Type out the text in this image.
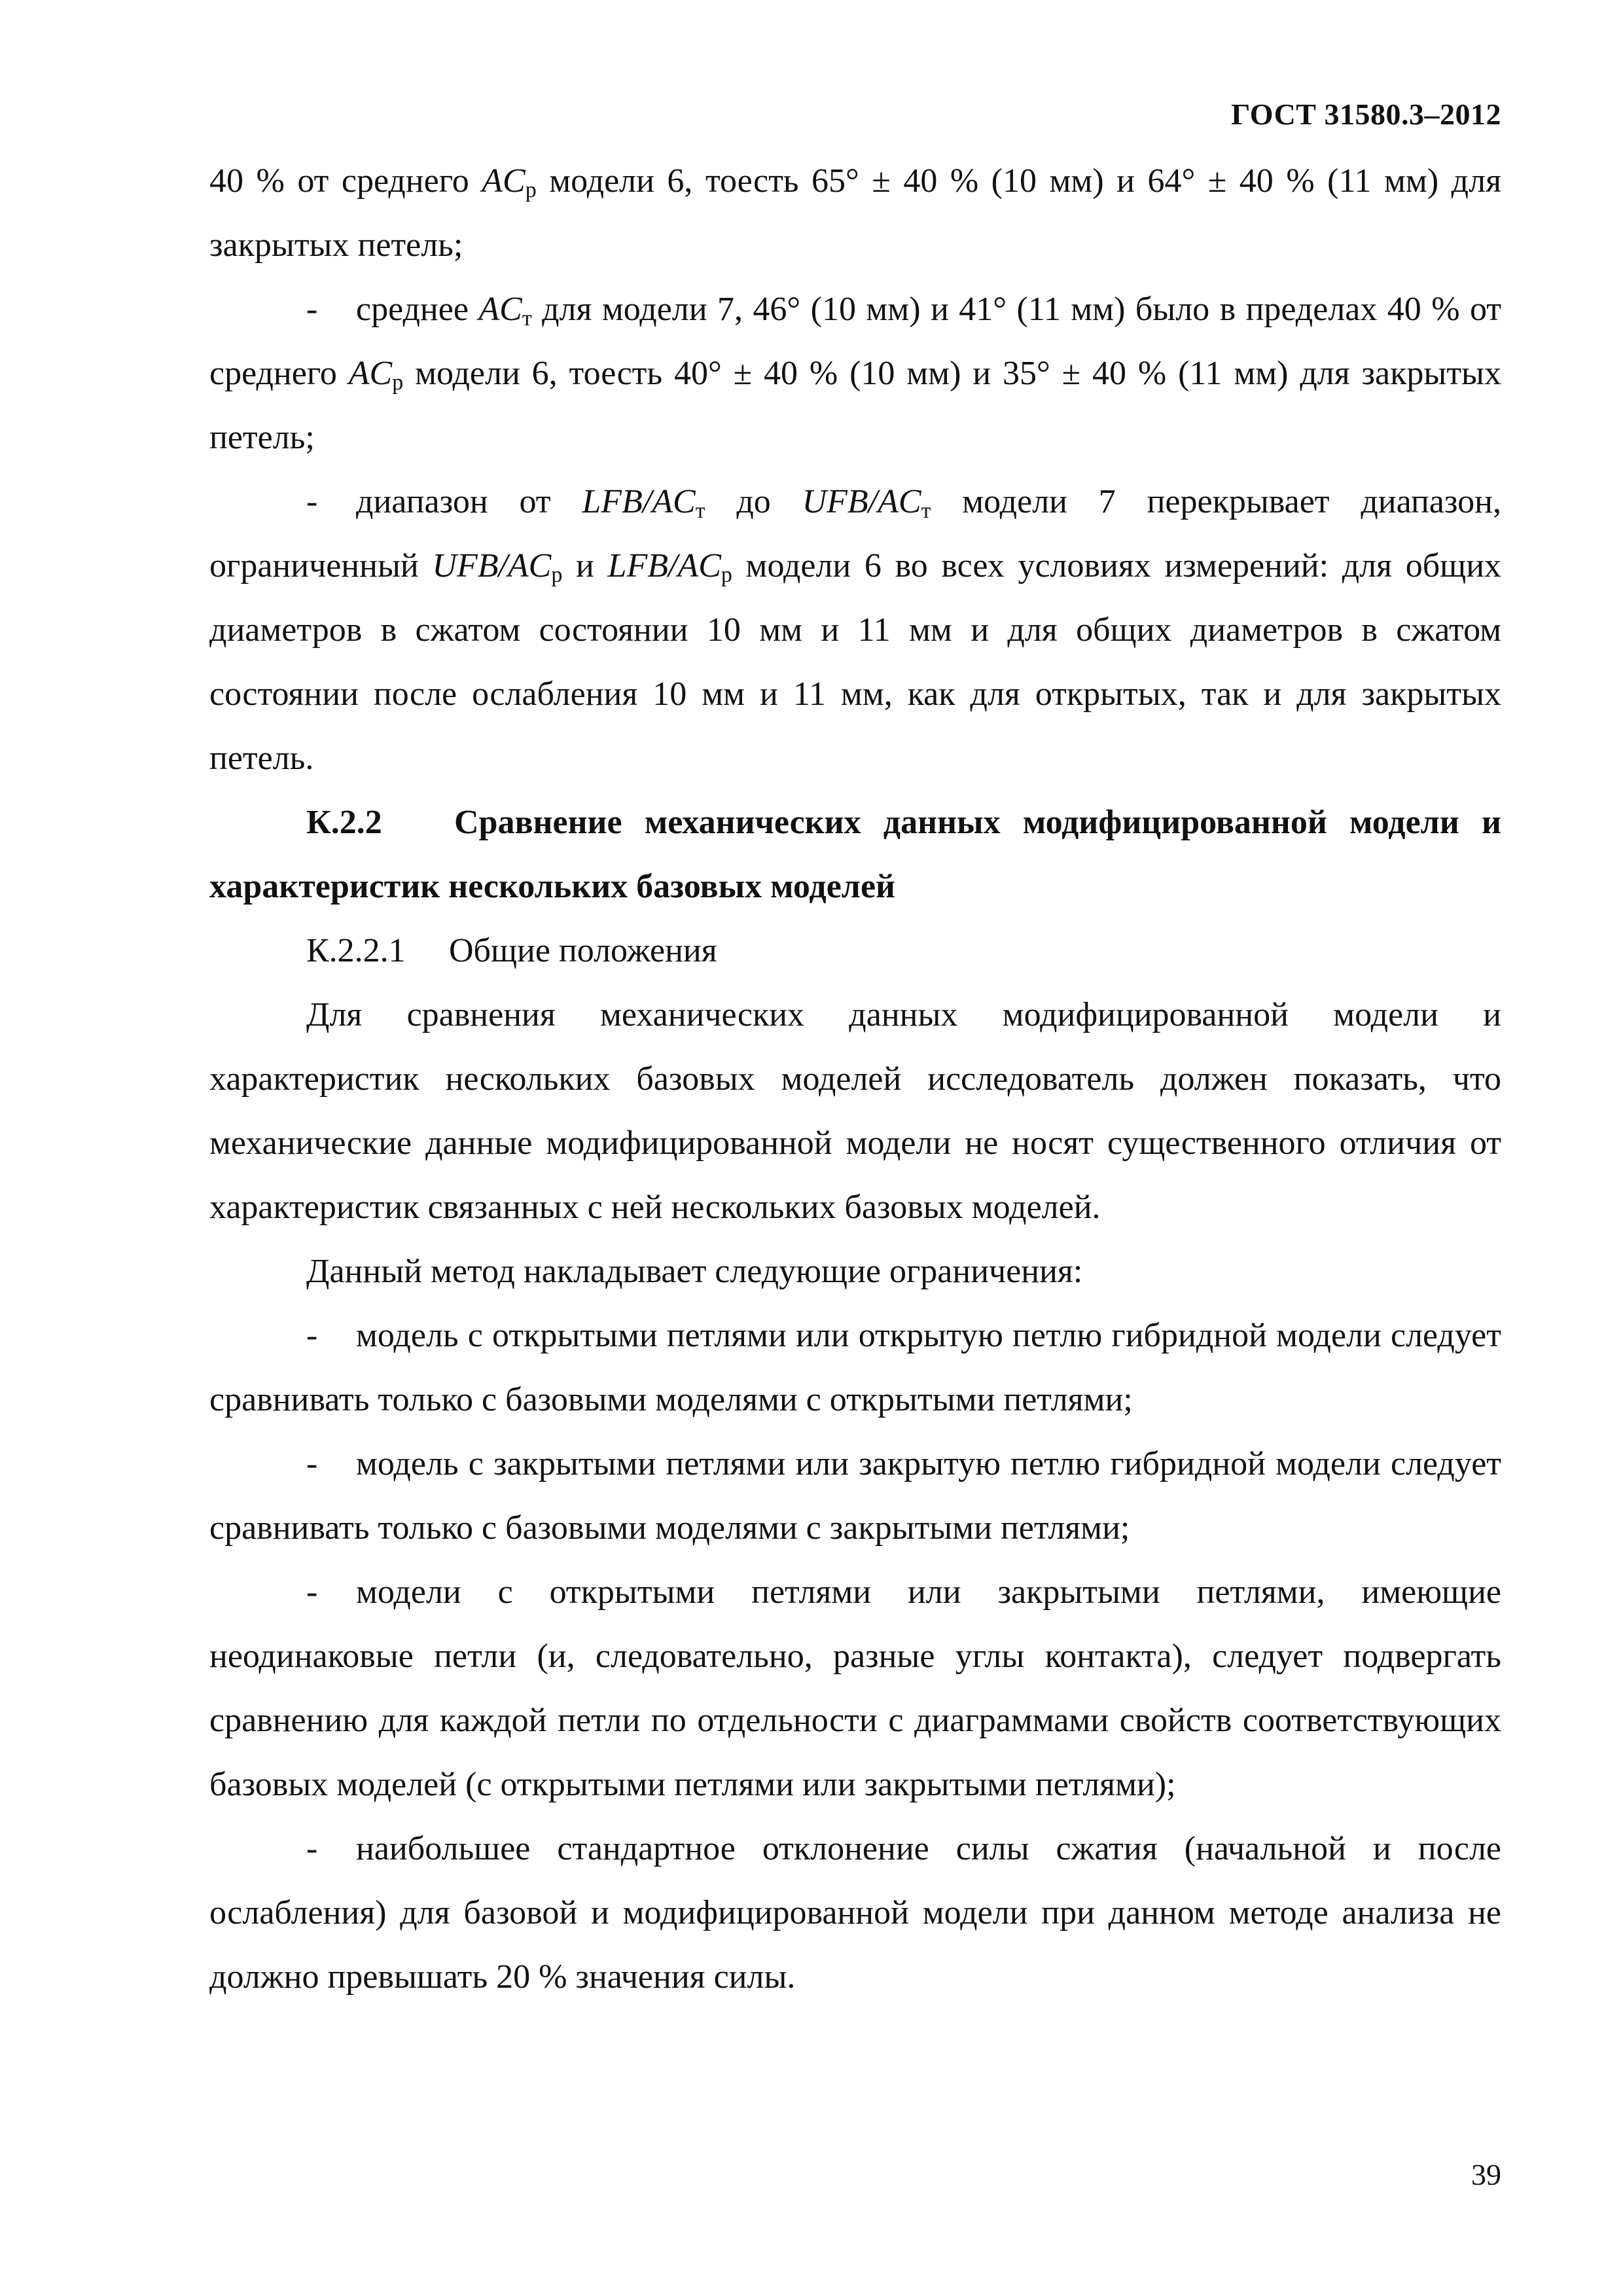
ГОСТ 31580.3–2012

40 % от среднего $AC_р$ модели 6, тоесть 65° ± 40 % (10 мм) и 64° ± 40 % (11 мм) для закрытых петель;

- среднее $AC_т$ для модели 7, 46° (10 мм) и 41° (11 мм) было в пределах 40 % от среднего $AC_р$ модели 6, тоесть 40° ± 40 % (10 мм) и 35° ± 40 % (11 мм) для закрытых петель;

- диапазон от LFB/$AC_т$ до UFB/$AC_т$ модели 7 перекрывает диапазон, ограниченный UFB/$AC_р$ и LFB/$AC_р$ модели 6 во всех условиях измерений: для общих диаметров в сжатом состоянии 10 мм и 11 мм и для общих диаметров в сжатом состоянии после ослабления 10 мм и 11 мм, как для открытых, так и для закрытых петель.

К.2.2 Сравнение механических данных модифицированной модели и характеристик нескольких базовых моделей

К.2.2.1 Общие положения

Для сравнения механических данных модифицированной модели и характеристик нескольких базовых моделей исследователь должен показать, что механические данные модифицированной модели не носят существенного отличия от характеристик связанных с ней нескольких базовых моделей.

Данный метод накладывает следующие ограничения:

- модель с открытыми петлями или открытую петлю гибридной модели следует сравнивать только с базовыми моделями с открытыми петлями;

- модель с закрытыми петлями или закрытую петлю гибридной модели следует сравнивать только с базовыми моделями с закрытыми петлями;

- модели с открытыми петлями или закрытыми петлями, имеющие неодинаковые петли (и, следовательно, разные углы контакта), следует подвергать сравнению для каждой петли по отдельности с диаграммами свойств соответствующих базовых моделей (с открытыми петлями или закрытыми петлями);

- наибольшее стандартное отклонение силы сжатия (начальной и после ослабления) для базовой и модифицированной модели при данном методе анализа не должно превышать 20 % значения силы.

39
